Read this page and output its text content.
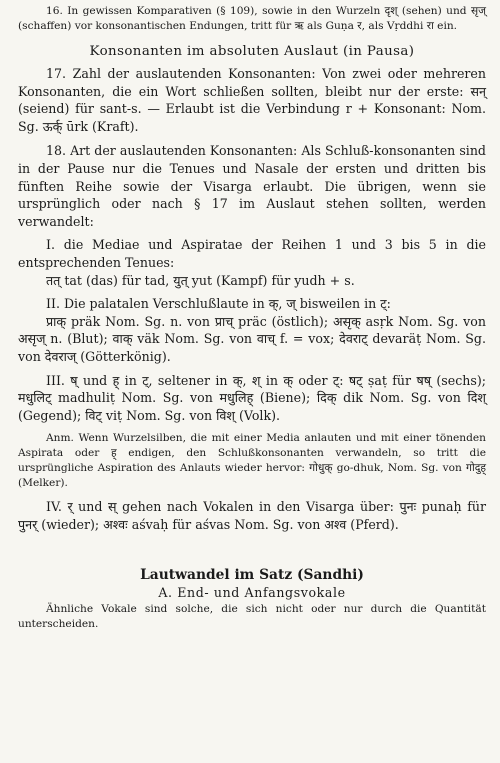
16. In gewissen Komparativen (§ 109), sowie in den Wurzeln दृश् (sehen) und सृज् (schaffen) vor konsonantischen Endungen, tritt für ऋ als Guṇa र, als Vṛddhi रा ein.

Konsonanten im absoluten Auslaut (in Pausa)

17. Zahl der auslautenden Konsonanten: Von zwei oder mehreren Konsonanten, die ein Wort schließen sollten, bleibt nur der erste: सन् (seiend) für sant-s. — Erlaubt ist die Verbindung r + Konsonant: Nom. Sg. ऊर्क् ūrk (Kraft).

18. Art der auslautenden Konsonanten: Als Schluß-konsonanten sind in der Pause nur die Tenues und Nasale der ersten und dritten bis fünften Reihe sowie der Visarga erlaubt. Die übrigen, wenn sie ursprünglich oder nach § 17 im Auslaut stehen sollten, werden verwandelt:

I. die Mediae und Aspiratae der Reihen 1 und 3 bis 5 in die entsprechenden Tenues:

तत् tat (das) für tad, युत् yut (Kampf) für yudh + s.

II. Die palatalen Verschlußlaute in क्, ज् bisweilen in ट्:

प्राक् präk Nom. Sg. n. von प्राच् präc (östlich); असृक् asṛk Nom. Sg. von असृज् n. (Blut); वाक् väk Nom. Sg. von वाच् f. = vox; देवराट् devaräṭ Nom. Sg. von देवराज् (Götterkönig).

III. ष् und ह् in ट्, seltener in क्, श् in क् oder ट्: षट् ṣaṭ für षष् (sechs); मधुलिट् madhuliṭ Nom. Sg. von मधुलिह् (Biene); दिक् dik Nom. Sg. von दिश् (Gegend); विट् viṭ Nom. Sg. von विश् (Volk).

Anm. Wenn Wurzelsilben, die mit einer Media anlauten und mit einer tönenden Aspirata oder ह् endigen, den Schlußkonsonanten verwandeln, so tritt die ursprüngliche Aspiration des Anlauts wieder hervor: गोधुक् go-dhuk, Nom. Sg. von गोदुह् (Melker).

IV. र् und स् gehen nach Vokalen in den Visarga über: पुनः punaḥ für पुनर् (wieder); अश्वः aśvaḥ für aśvas Nom. Sg. von अश्व (Pferd).

Lautwandel im Satz (Sandhi)

A. End- und Anfangsvokale

Ähnliche Vokale sind solche, die sich nicht oder nur durch die Quantität unterscheiden.
